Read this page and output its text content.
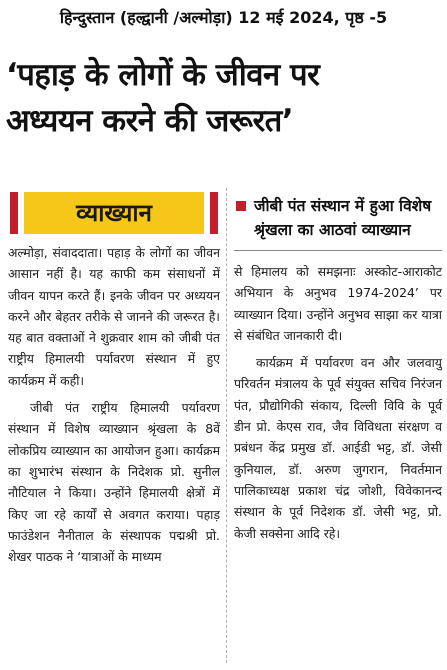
हिन्दुस्तान (हल्द्वानी /अल्मोड़ा) 12 मई 2024, पृष्ठ -5
‘पहाड़ के लोगों के जीवन पर
अध्ययन करने की जरूरत’
व्याख्यान

अल्मोड़ा, संवाददाता। पहाड़ के लोगों का जीवन आसान नहीं है। यह काफी कम संसाधनों में जीवन यापन करते हैं। इनके जीवन पर अध्ययन करने और बेहतर तरीके से जानने की जरूरत है। यह बात वक्ताओं ने शुक्रवार शाम को जीबी पंत राष्ट्रीय हिमालयी पर्यावरण संस्थान में हुए कार्यक्रम में कही।

जीबी पंत राष्ट्रीय हिमालयी पर्यावरण संस्थान में विशेष व्याख्यान श्रृंखला के 8वें लोकप्रिय व्याख्यान का आयोजन हुआ। कार्यक्रम का शुभारंभ संस्थान के निदेशक प्रो. सुनील नौटियाल ने किया। उन्होंने हिमालयी क्षेत्रों में किए जा रहे कार्यों से अवगत कराया। पहाड़ फाउंडेशन नैनीताल के संस्थापक पद्मश्री प्रो. शेखर पाठक ने ‘यात्राओं के माध्यम

जीबी पंत संस्थान में हुआ विशेष श्रृंखला का आठवां व्याख्यान

से हिमालय को समझनाः अस्कोट-आराकोट अभियान के अनुभव 1974-2024’ पर व्याख्यान दिया। उन्होंने अनुभव साझा कर यात्रा से संबंधित जानकारी दी।

कार्यक्रम में पर्यावरण वन और जलवायु परिवर्तन मंत्रालय के पूर्व संयुक्त सचिव निरंजन पंत, प्रौद्योगिकी संकाय, दिल्ली विवि के पूर्व डीन प्रो. केएस राव, जैव विविधता संरक्षण व प्रबंधन केंद्र प्रमुख डॉ. आईडी भट्ट, डॉ. जेसी कुनियाल, डॉ. अरुण जुगरान, निवर्तमान पालिकाध्यक्ष प्रकाश चंद्र जोशी, विवेकानन्द संस्थान के पूर्व निदेशक डॉ. जेसी भट्ट, प्रो. केजी सक्सेना आदि रहे।
